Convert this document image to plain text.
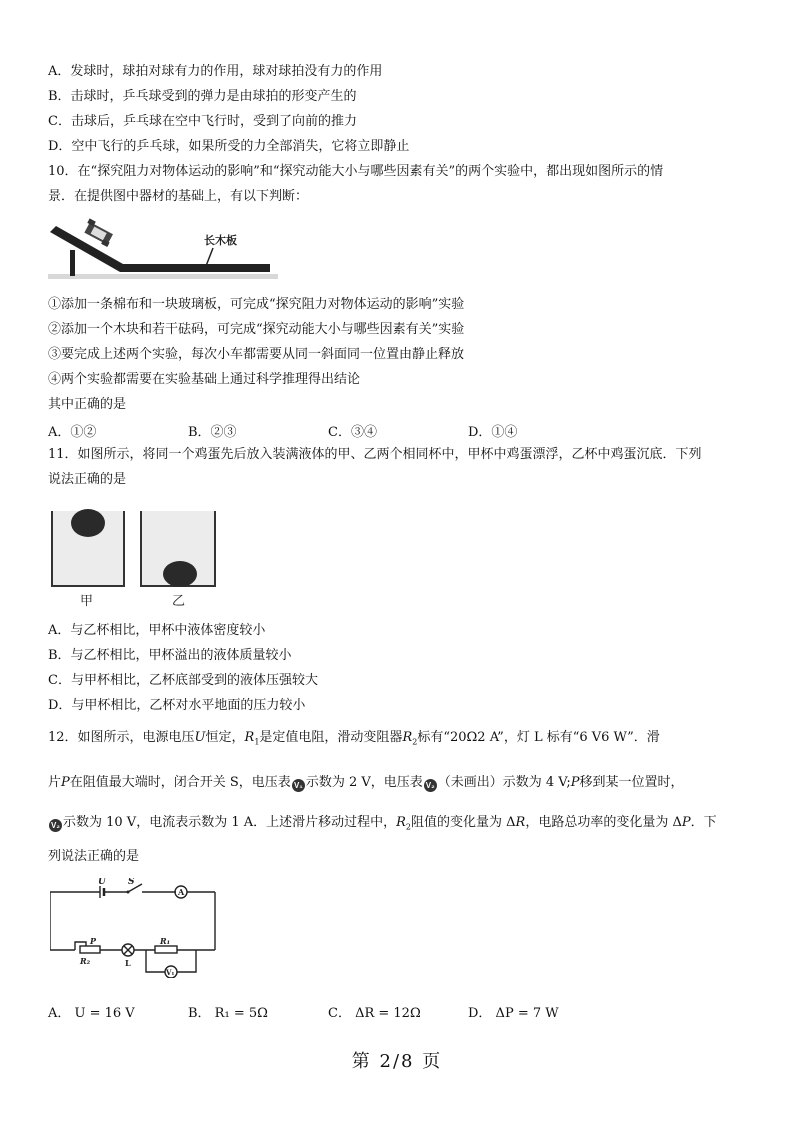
A．发球时，球拍对球有力的作用，球对球拍没有力的作用
B．击球时，乒乓球受到的弹力是由球拍的形变产生的
C．击球后，乒乓球在空中飞行时，受到了向前的推力
D．空中飞行的乒乓球，如果所受的力全部消失，它将立即静止
10．在“探究阻力对物体运动的影响”和“探究动能大小与哪些因素有关”的两个实验中，都出现如图所示的情
景．在提供图中器材的基础上，有以下判断：
长木板
①添加一条棉布和一块玻璃板，可完成“探究阻力对物体运动的影响”实验
②添加一个木块和若干砝码，可完成“探究动能大小与哪些因素有关”实验
③要完成上述两个实验，每次小车都需要从同一斜面同一位置由静止释放
④两个实验都需要在实验基础上通过科学推理得出结论
其中正确的是
A．①②	B．②③	C．③④	D．①④
11．如图所示，将同一个鸡蛋先后放入装满液体的甲、乙两个相同杯中，甲杯中鸡蛋漂浮，乙杯中鸡蛋沉底．下列
说法正确的是
甲	乙
A．与乙杯相比，甲杯中液体密度较小
B．与乙杯相比，甲杯溢出的液体质量较小
C．与甲杯相比，乙杯底部受到的液体压强较大
D．与甲杯相比，乙杯对水平地面的压力较小
12．如图所示，电源电压U恒定，$R_1$是定值电阻，滑动变阻器$R_2$标有“20Ω2 A”，灯 L 标有“6 V6 W”．滑
片P在阻值最大端时，闭合开关 S，电压表 V₁ 示数为 2 V，电压表 V₂ （未画出）示数为 4 V;P移到某一位置时，
V₂ 示数为 10 V，电流表示数为 1 A．上述滑片移动过程中，$R_2$阻值的变化量为 ΔR，电路总功率的变化量为 ΔP．下
列说法正确的是
U S
A
P
R₂	L
R₁
V₁
A． U = 16 V	B． R₁ = 5Ω	C． ΔR = 12Ω	D． ΔP = 7 W
第 2/8 页
